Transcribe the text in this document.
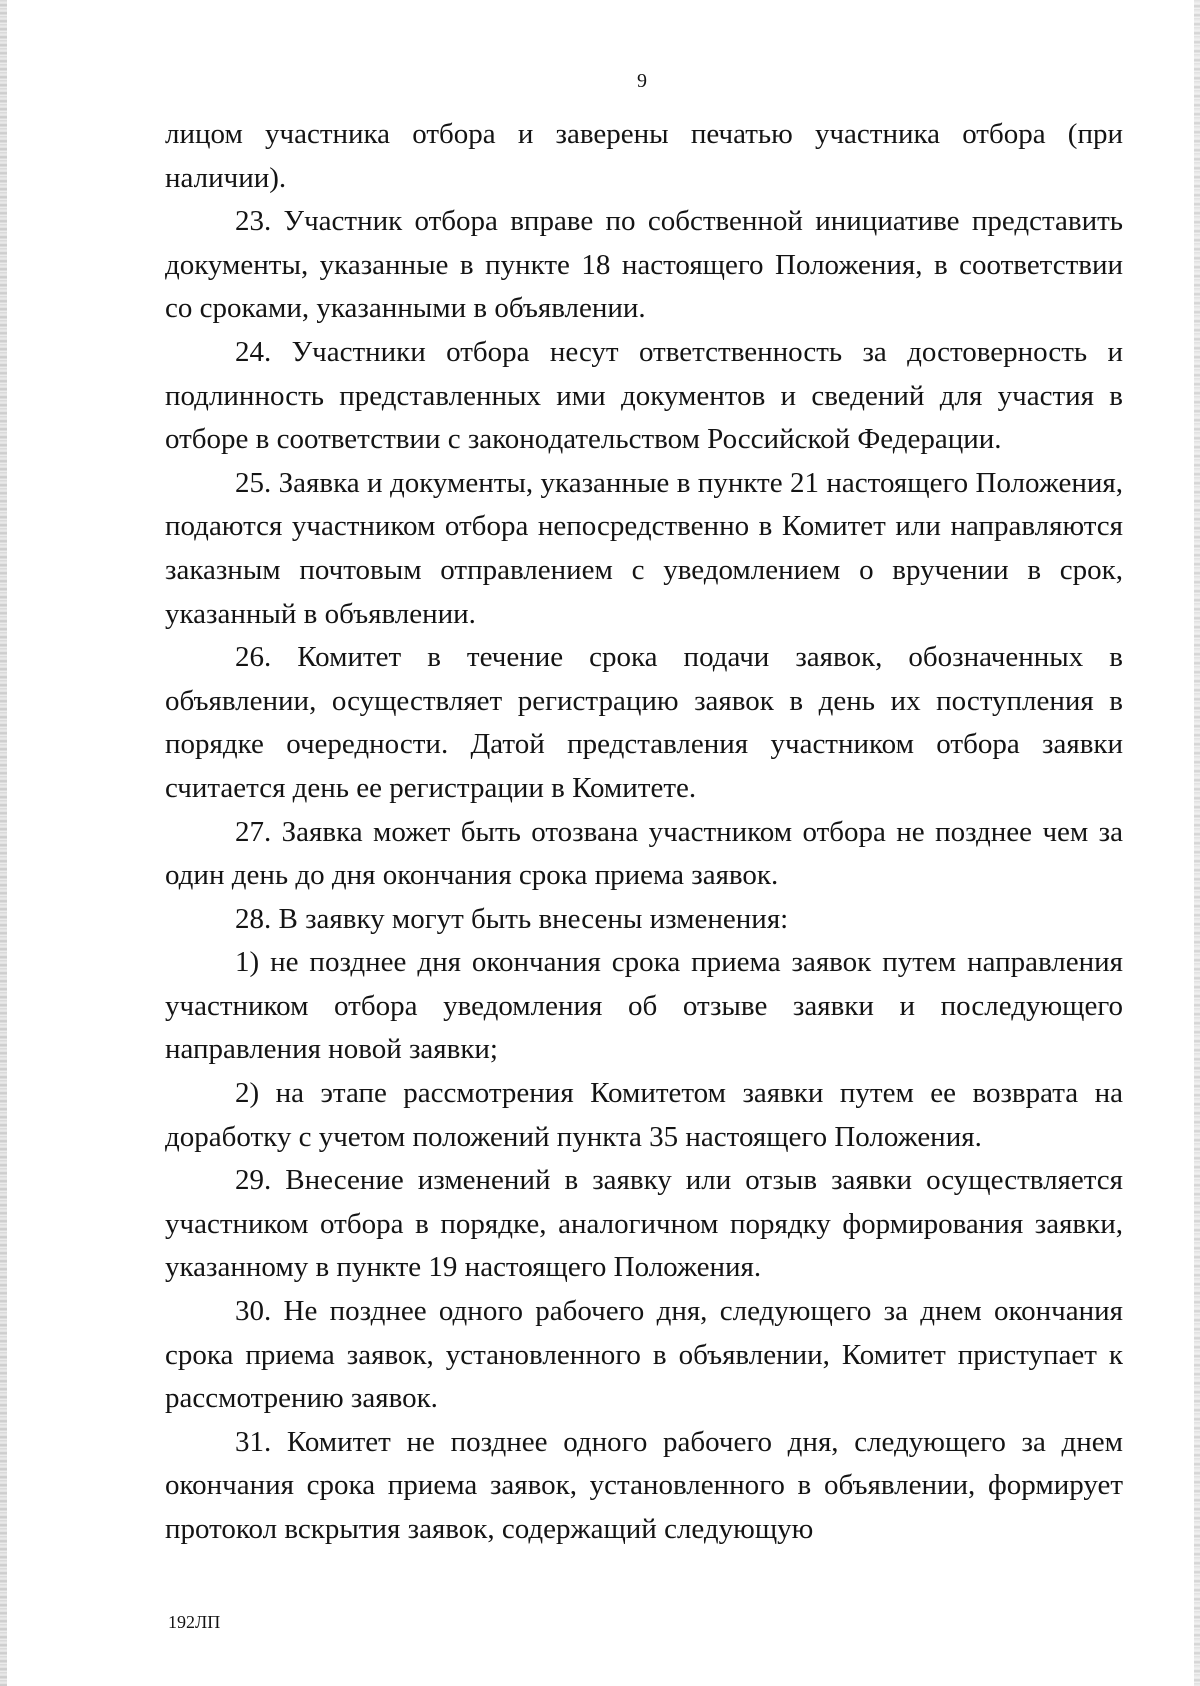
9

лицом участника отбора и заверены печатью участника отбора (при наличии).

23. Участник отбора вправе по собственной инициативе представить документы, указанные в пункте 18 настоящего Положения, в соответствии со сроками, указанными в объявлении.

24. Участники отбора несут ответственность за достоверность и подлинность представленных ими документов и сведений для участия в отборе в соответствии с законодательством Российской Федерации.

25. Заявка и документы, указанные в пункте 21 настоящего Положения, подаются участником отбора непосредственно в Комитет или направляются заказным почтовым отправлением с уведомлением о вручении в срок, указанный в объявлении.

26. Комитет в течение срока подачи заявок, обозначенных в объявлении, осуществляет регистрацию заявок в день их поступления в порядке очередности. Датой представления участником отбора заявки считается день ее регистрации в Комитете.

27. Заявка может быть отозвана участником отбора не позднее чем за один день до дня окончания срока приема заявок.

28. В заявку могут быть внесены изменения:

1) не позднее дня окончания срока приема заявок путем направления участником отбора уведомления об отзыве заявки и последующего направления новой заявки;

2) на этапе рассмотрения Комитетом заявки путем ее возврата на доработку с учетом положений пункта 35 настоящего Положения.

29. Внесение изменений в заявку или отзыв заявки осуществляется участником отбора в порядке, аналогичном порядку формирования заявки, указанному в пункте 19 настоящего Положения.

30. Не позднее одного рабочего дня, следующего за днем окончания срока приема заявок, установленного в объявлении, Комитет приступает к рассмотрению заявок.

31. Комитет не позднее одного рабочего дня, следующего за днем окончания срока приема заявок, установленного в объявлении, формирует протокол вскрытия заявок, содержащий следующую

192ЛП
